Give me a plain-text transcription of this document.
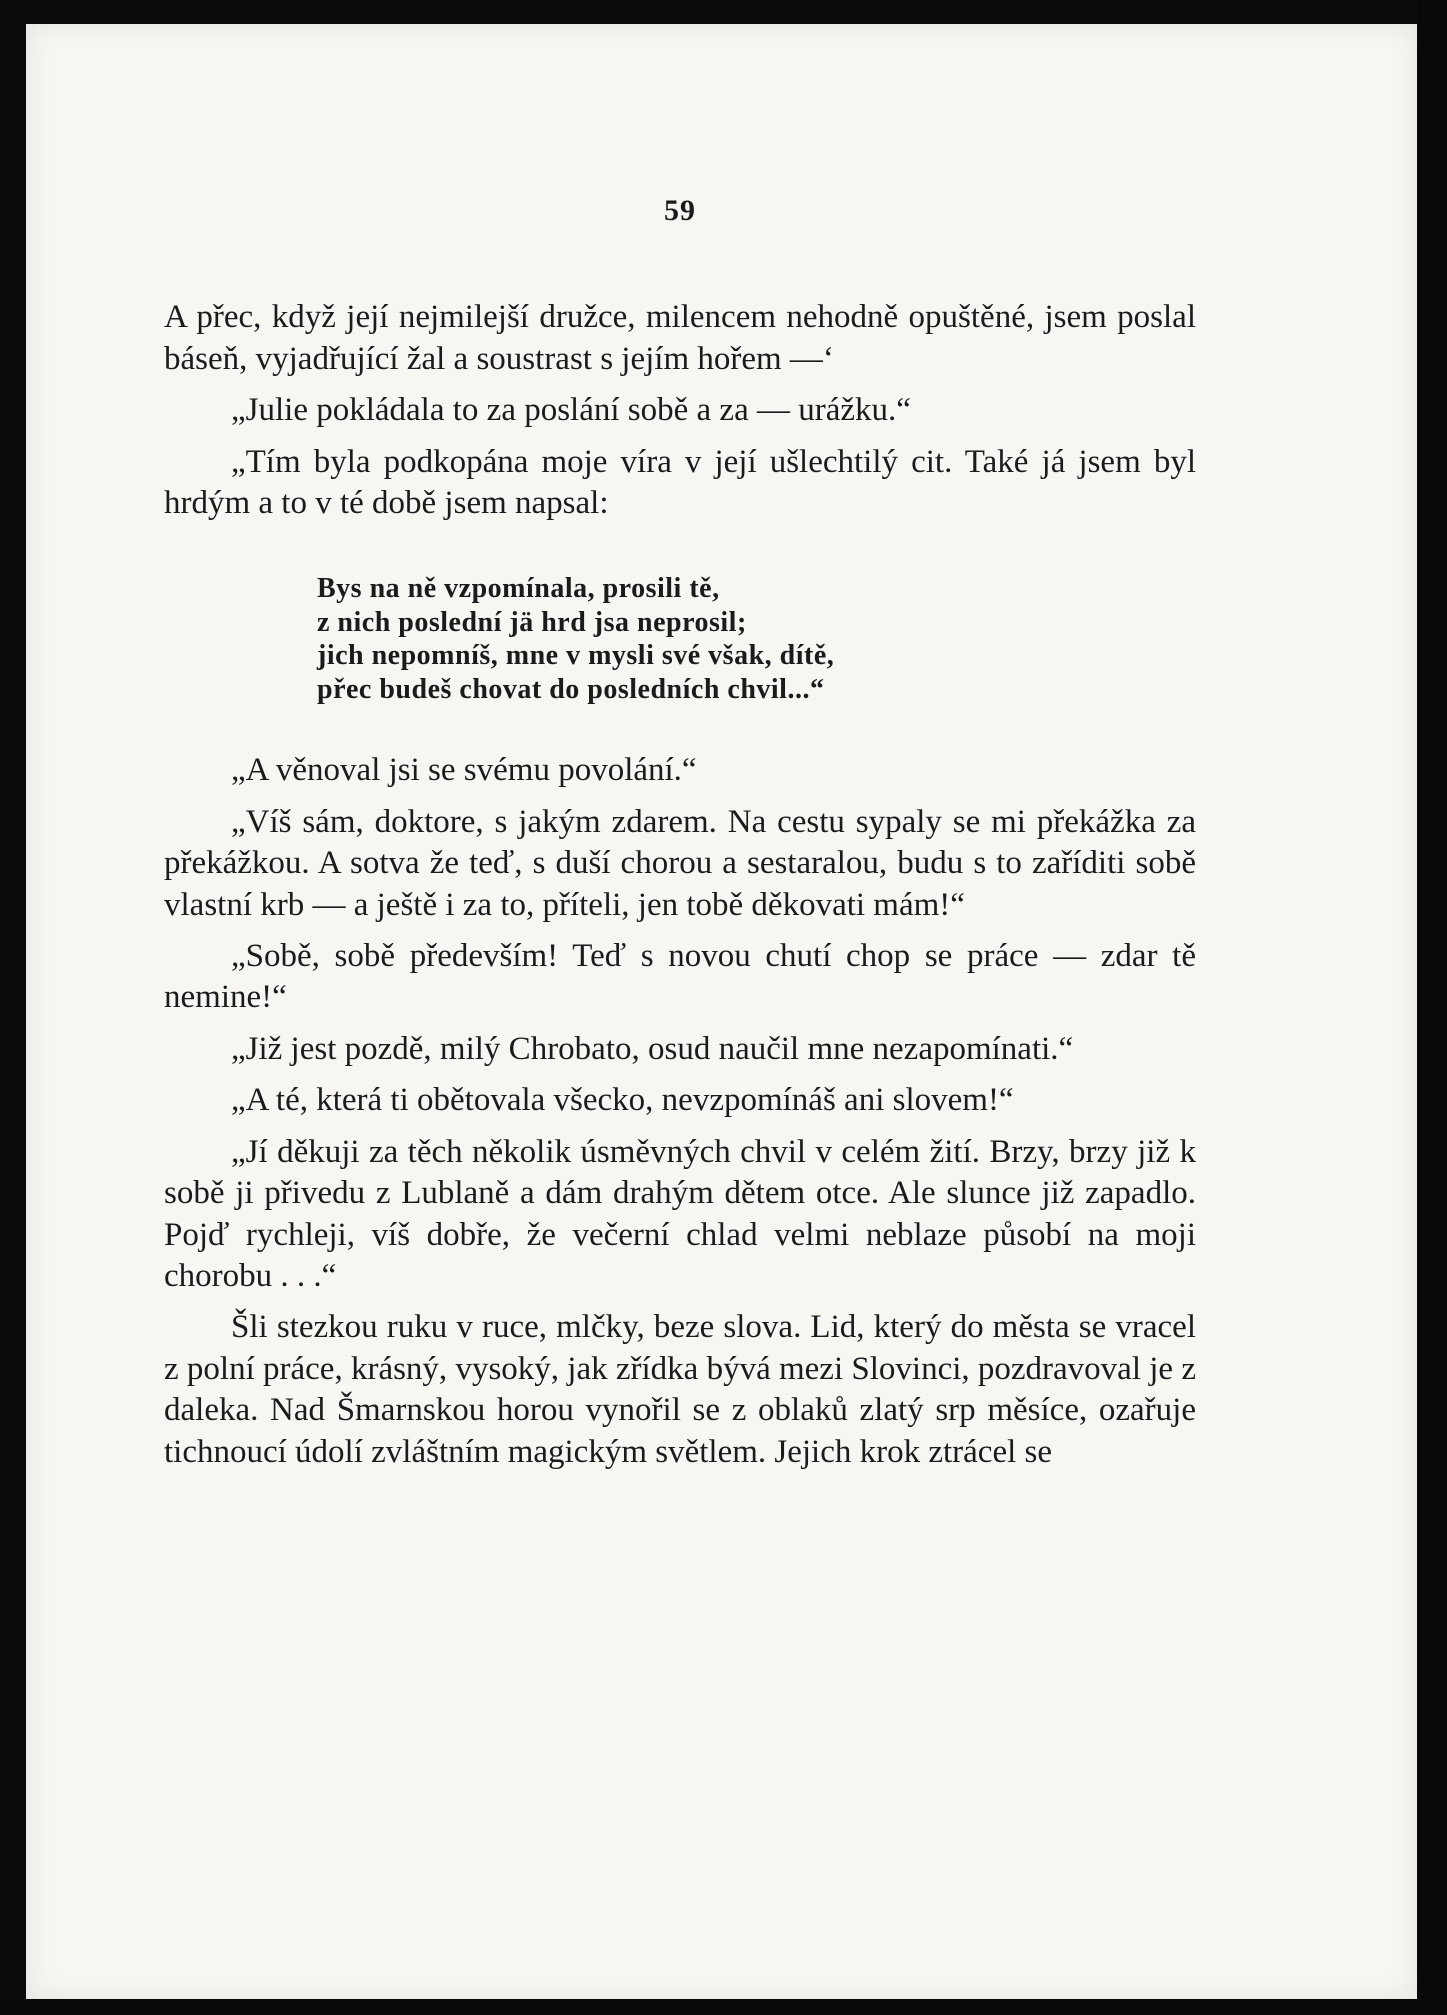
59

A přec, když její nejmilejší družce, milencem nehodně opuštěné, jsem poslal báseň, vyjadřující žal a soustrast s jejím hořem —‘

„Julie pokládala to za poslání sobě a za — urážku.“

„Tím byla podkopána moje víra v její ušlechtilý cit. Také já jsem byl hrdým a to v té době jsem napsal:

Bys na ně vzpomínala, prosili tě,
z nich poslední jä hrd jsa neprosil;
jich nepomníš, mne v mysli své však, dítě,
přec budeš chovat do posledních chvil...“

„A věnoval jsi se svému povolání.“

„Víš sám, doktore, s jakým zdarem. Na cestu sypaly se mi překážka za překážkou. A sotva že teď, s duší chorou a sestaralou, budu s to zaříditi sobě vlastní krb — a ještě i za to, příteli, jen tobě děkovati mám!“

„Sobě, sobě především! Teď s novou chutí chop se práce — zdar tě nemine!“

„Již jest pozdě, milý Chrobato, osud naučil mne nezapomínati.“

„A té, která ti obětovala všecko, nevzpomínáš ani slovem!“

„Jí děkuji za těch několik úsměvných chvil v celém žití. Brzy, brzy již k sobě ji přivedu z Lublaně a dám drahým dětem otce. Ale slunce již zapadlo. Pojď rychleji, víš dobře, že večerní chlad velmi neblaze působí na moji chorobu . . .“

Šli stezkou ruku v ruce, mlčky, beze slova. Lid, který do města se vracel z polní práce, krásný, vysoký, jak zřídka bývá mezi Slovinci, pozdravoval je z daleka. Nad Šmarnskou horou vynořil se z oblaků zlatý srp měsíce, ozařuje tichnoucí údolí zvláštním magickým světlem. Jejich krok ztrácel se
